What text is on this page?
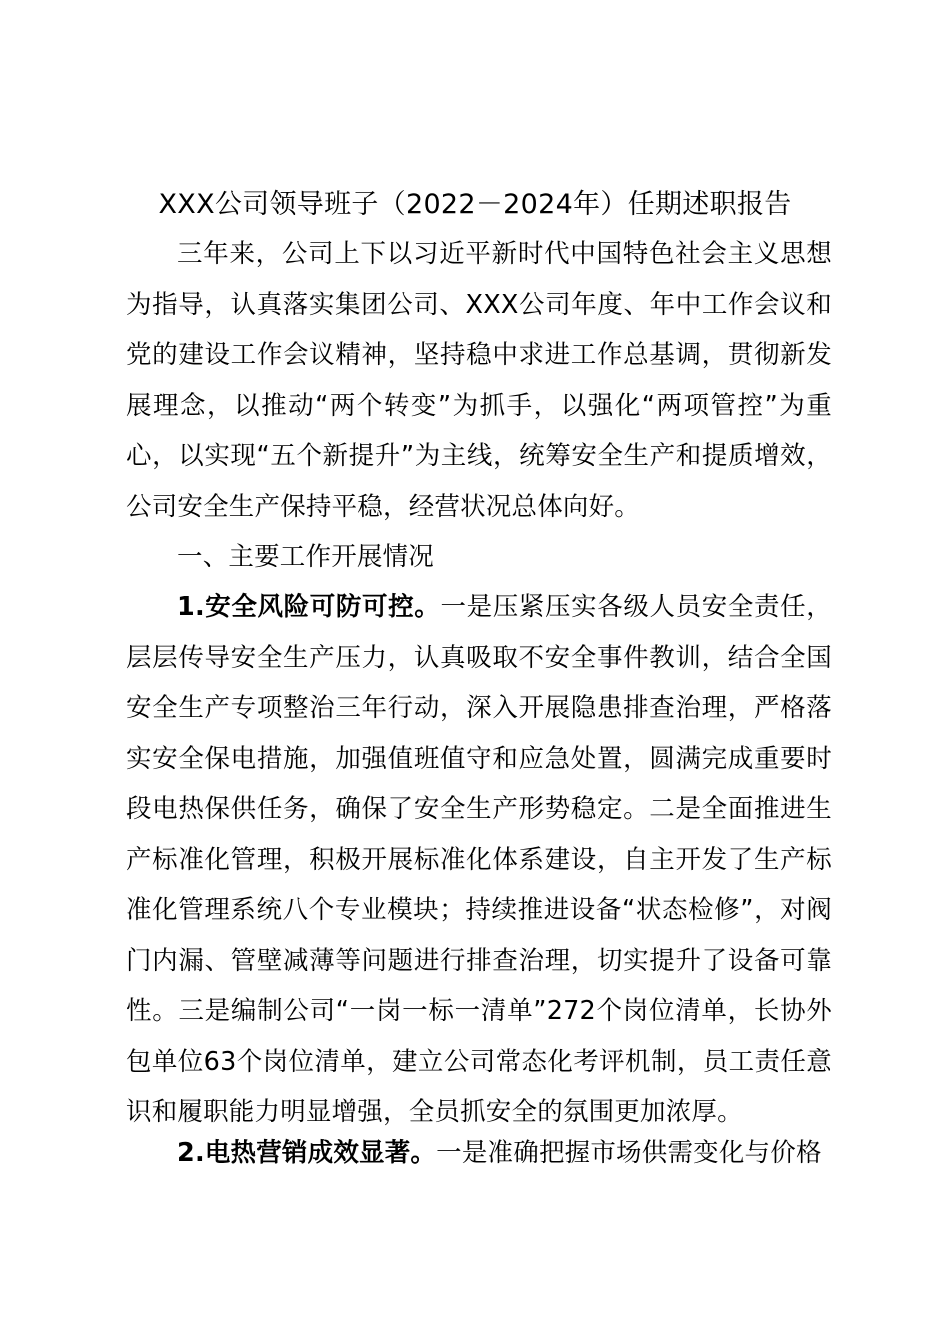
XXX公司领导班子（2022－2024年）任期述职报告

三年来，公司上下以习近平新时代中国特色社会主义思想为指导，认真落实集团公司、XXX公司年度、年中工作会议和党的建设工作会议精神，坚持稳中求进工作总基调，贯彻新发展理念，以推动“两个转变”为抓手，以强化“两项管控”为重心，以实现“五个新提升”为主线，统筹安全生产和提质增效，公司安全生产保持平稳，经营状况总体向好。

一、主要工作开展情况

1.安全风险可防可控。一是压紧压实各级人员安全责任，层层传导安全生产压力，认真吸取不安全事件教训，结合全国安全生产专项整治三年行动，深入开展隐患排查治理，严格落实安全保电措施，加强值班值守和应急处置，圆满完成重要时段电热保供任务，确保了安全生产形势稳定。二是全面推进生产标准化管理，积极开展标准化体系建设，自主开发了生产标准化管理系统八个专业模块；持续推进设备“状态检修”，对阀门内漏、管壁减薄等问题进行排查治理，切实提升了设备可靠性。三是编制公司“一岗一标一清单”272个岗位清单，长协外包单位63个岗位清单，建立公司常态化考评机制，员工责任意识和履职能力明显增强，全员抓安全的氛围更加浓厚。

2.电热营销成效显著。一是准确把握市场供需变化与价格
